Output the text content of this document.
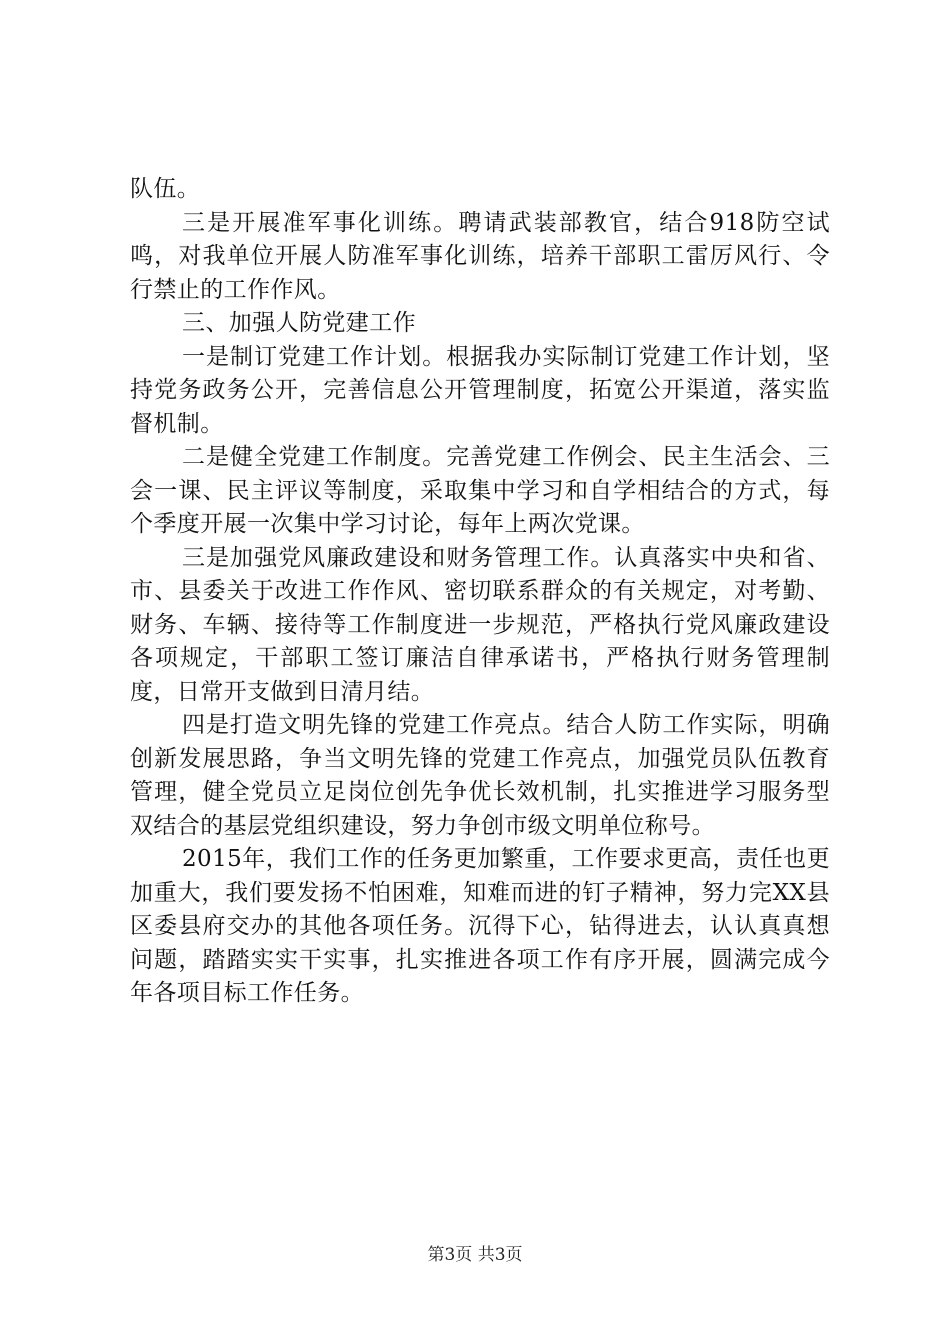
队伍。

三是开展准军事化训练。聘请武装部教官，结合918防空试鸣，对我单位开展人防准军事化训练，培养干部职工雷厉风行、令行禁止的工作作风。

三、加强人防党建工作

一是制订党建工作计划。根据我办实际制订党建工作计划，坚持党务政务公开，完善信息公开管理制度，拓宽公开渠道，落实监督机制。

二是健全党建工作制度。完善党建工作例会、民主生活会、三会一课、民主评议等制度，采取集中学习和自学相结合的方式，每个季度开展一次集中学习讨论，每年上两次党课。

三是加强党风廉政建设和财务管理工作。认真落实中央和省、市、县委关于改进工作作风、密切联系群众的有关规定，对考勤、财务、车辆、接待等工作制度进一步规范，严格执行党风廉政建设各项规定，干部职工签订廉洁自律承诺书，严格执行财务管理制度，日常开支做到日清月结。

四是打造文明先锋的党建工作亮点。结合人防工作实际，明确创新发展思路，争当文明先锋的党建工作亮点，加强党员队伍教育管理，健全党员立足岗位创先争优长效机制，扎实推进学习服务型双结合的基层党组织建设，努力争创市级文明单位称号。

2015年，我们工作的任务更加繁重，工作要求更高，责任也更加重大，我们要发扬不怕困难，知难而进的钉子精神，努力完XX县区委县府交办的其他各项任务。沉得下心，钻得进去，认认真真想问题，踏踏实实干实事，扎实推进各项工作有序开展，圆满完成今年各项目标工作任务。

第3页 共3页
